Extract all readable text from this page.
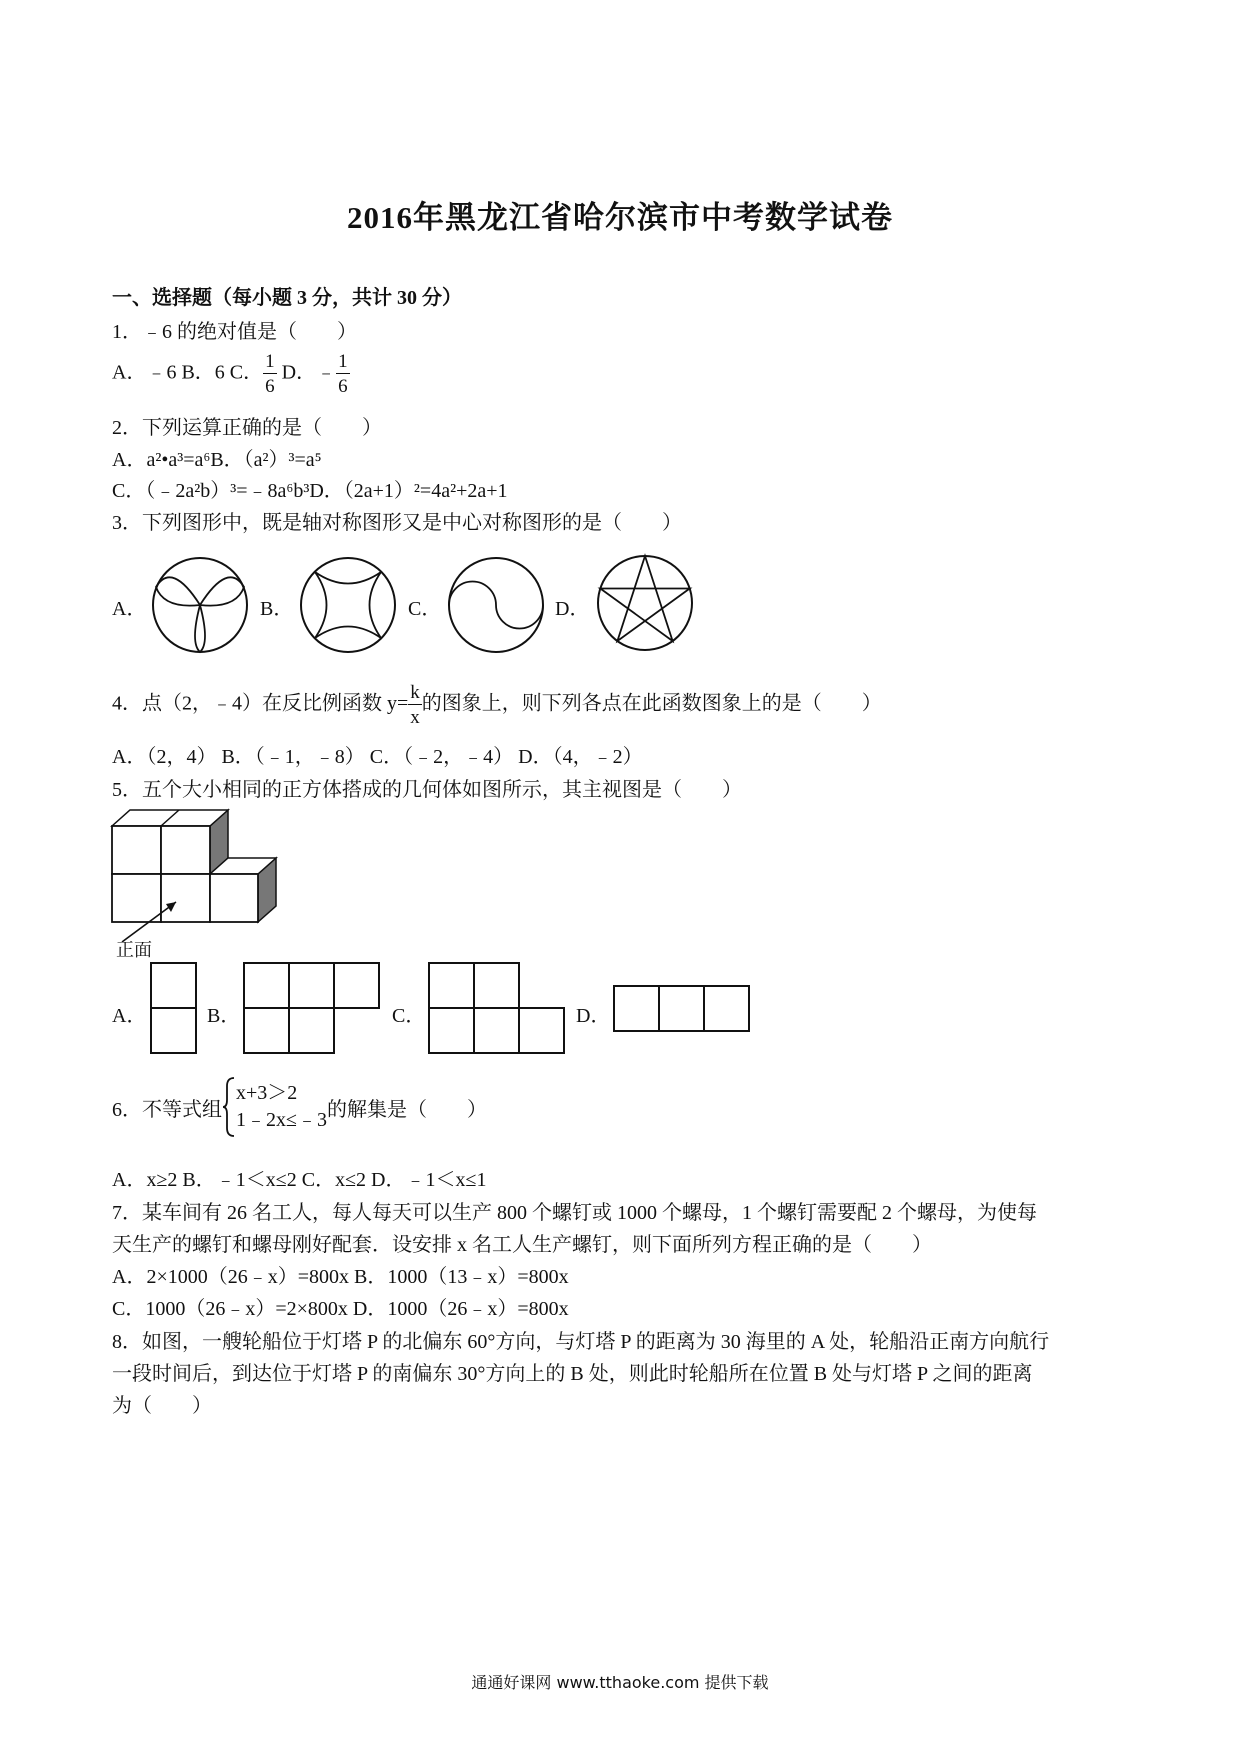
2016年黑龙江省哈尔滨市中考数学试卷
一、选择题（每小题 3 分，共计 30 分）
1．﹣6 的绝对值是（　　）
A．﹣6 B．6 C． $\frac{1}{6}$ D．﹣ $\frac{1}{6}$
2．下列运算正确的是（　　）
A．a²•a³=a⁶B．（a²）³=a⁵
C．（﹣2a²b）³=﹣8a⁶b³D．（2a+1）²=4a²+2a+1
3．下列图形中，既是轴对称图形又是中心对称图形的是（　　）
A．	B．	C．	D．
4．点（2，﹣4）在反比例函数 $y= \frac{k}{x}$ 的图象上，则下列各点在此函数图象上的是（　　）
A．（2，4） B．（﹣1，﹣8） C．（﹣2，﹣4） D．（4，﹣2）
5．五个大小相同的正方体搭成的几何体如图所示，其主视图是（　　）
正面
A．	B．	C．	D．
6．不等式组
x+3＞2
1﹣2x≤﹣3 的解集是（　　）
A．x≥2 B．﹣1＜x≤2 C．x≤2 D．﹣1＜x≤1
7．某车间有 26 名工人，每人每天可以生产 800 个螺钉或 1000 个螺母，1 个螺钉需要配 2 个螺母，为使每
天生产的螺钉和螺母刚好配套．设安排 x 名工人生产螺钉，则下面所列方程正确的是（　　）
A．2×1000（26﹣x）=800x B．1000（13﹣x）=800x
C．1000（26﹣x）=2×800x D．1000（26﹣x）=800x
8．如图，一艘轮船位于灯塔 P 的北偏东 60°方向，与灯塔 P 的距离为 30 海里的 A 处，轮船沿正南方向航行
一段时间后，到达位于灯塔 P 的南偏东 30°方向上的 B 处，则此时轮船所在位置 B 处与灯塔 P 之间的距离
为（　　）
通通好课网 www.tthaoke.com 提供下载
